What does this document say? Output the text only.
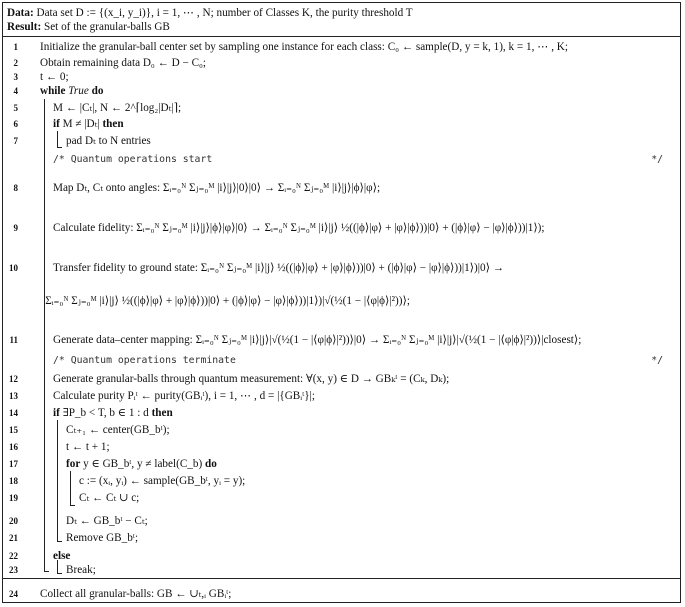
Data: Data set D := {(x_i, y_i)}, i = 1, ⋯ , N; number of Classes K, the purity threshold T
Result: Set of the granular-balls GB
1 Initialize the granular-ball center set by sampling one instance for each class: C₀ ← sample(D, y = k, 1), k = 1, ⋯ , K;
2 Obtain remaining data D₀ ← D − C₀;
3 t ← 0;
4 while True do
5	M ← |Cₜ|, N ← 2^⌈log₂|Dₜ|⌉;
6	if M ≠ |Dₜ| then
7	pad Dₜ to N entries
/* Quantum operations start	*/
8	Map Dₜ, Cₜ onto angles: Σᵢ₌₀ᴺ Σⱼ₌₀ᴹ |i⟩|j⟩|0⟩|0⟩ → Σᵢ₌₀ᴺ Σⱼ₌₀ᴹ |i⟩|j⟩|ϕ⟩|φ⟩;
9	Calculate fidelity: Σᵢ₌₀ᴺ Σⱼ₌₀ᴹ |i⟩|j⟩|ϕ⟩|φ⟩|0⟩ → Σᵢ₌₀ᴺ Σⱼ₌₀ᴹ |i⟩|j⟩ ½((|ϕ⟩|φ⟩ + |φ⟩|ϕ⟩))|0⟩ + (|ϕ⟩|φ⟩ − |φ⟩|ϕ⟩))|1⟩);
10	Transfer fidelity to ground state: Σᵢ₌₀ᴺ Σⱼ₌₀ᴹ |i⟩|j⟩ ½((|ϕ⟩|φ⟩ + |φ⟩|ϕ⟩))|0⟩ + (|ϕ⟩|φ⟩ − |φ⟩|ϕ⟩))|1⟩)|0⟩ →
Σᵢ₌₀ᴺ Σⱼ₌₀ᴹ |i⟩|j⟩ ½((|ϕ⟩|φ⟩ + |φ⟩|ϕ⟩))|0⟩ + (|ϕ⟩|φ⟩ − |φ⟩|ϕ⟩))|1⟩)|√(½(1 − |⟨φ|ϕ⟩|²))⟩;
11	Generate data–center mapping: Σᵢ₌₀ᴺ Σⱼ₌₀ᴹ |i⟩|j⟩|√(½(1 − |⟨φ|ϕ⟩|²))⟩|0⟩ → Σᵢ₌₀ᴺ Σⱼ₌₀ᴹ |i⟩|j⟩|√(½(1 − |⟨φ|ϕ⟩|²))⟩|closest⟩;
/* Quantum operations terminate	*/
12	Generate granular-balls through quantum measurement: ∀(x, y) ∈ D → GBₖᵗ = (Cₖ, Dₖ);
13	Calculate purity Pᵢᵗ ← purity(GBᵢᵗ), i = 1, ⋯ , d = |{GBᵢᵗ}|;
14	if ∃P_b < T, b ∈ 1 : d then
15	Cₜ₊₁ ← center(GB_bᵗ);
16	t ← t + 1;
17	for y ∈ GB_bᵗ, y ≠ label(C_b) do
18	c := (xᵢ, yᵢ) ← sample(GB_bᵗ, yᵢ = y);
19	Cₜ ← Cₜ ∪ c;
20	Dₜ ← GB_bᵗ − Cₜ;
21	Remove GB_bᵗ;
22	else
23	Break;
24 Collect all granular-balls: GB ← ∪ₜ,ᵢ GBᵢᵗ;
